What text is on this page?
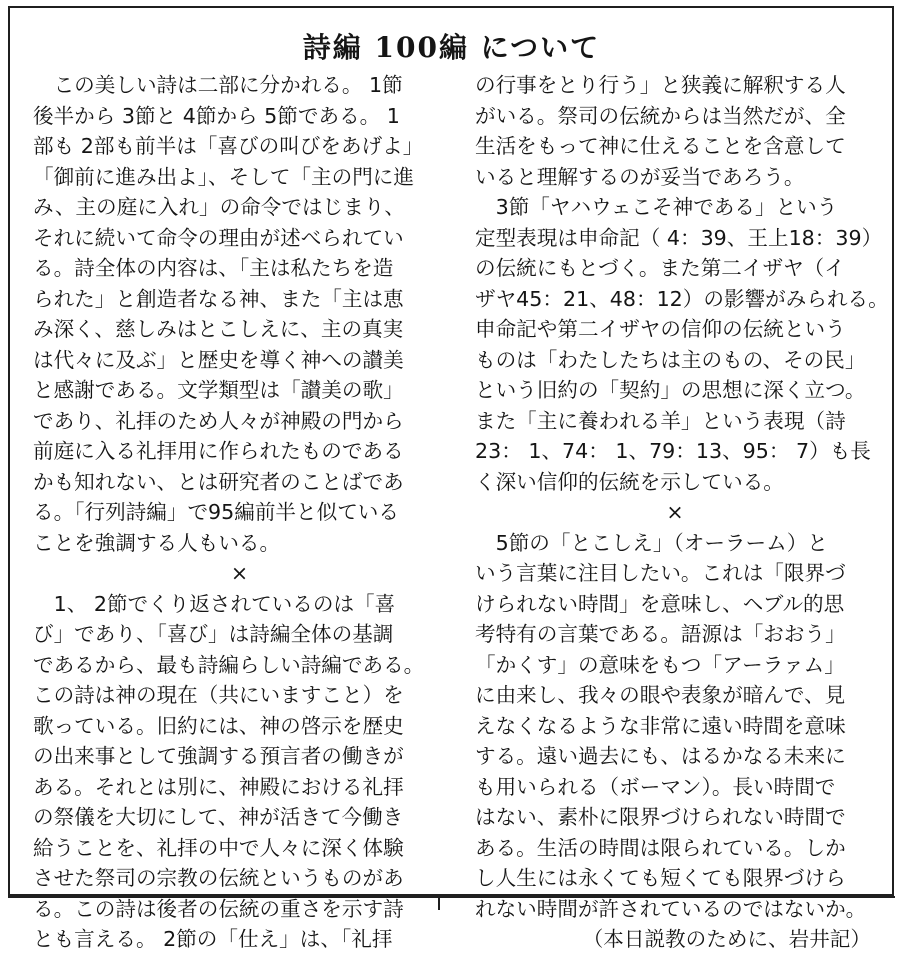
詩編 100編 について
　この美しい詩は二部に分かれる。 1節
後半から 3節と 4節から 5節である。 1
部も 2部も前半は「喜びの叫びをあげよ」
「御前に進み出よ」、そして「主の門に進
み、主の庭に入れ」の命令ではじまり、
それに続いて命令の理由が述べられてい
る。詩全体の内容は、「主は私たちを造
られた」と創造者なる神、また「主は恵
み深く、慈しみはとこしえに、主の真実
は代々に及ぶ」と歴史を導く神への讃美
と感謝である。文学類型は「讃美の歌」
であり、礼拝のため人々が神殿の門から
前庭に入る礼拝用に作られたものである
かも知れない、とは研究者のことばであ
る。「行列詩編」で95編前半と似ている
ことを強調する人もいる。
×
　1、 2節でくり返されているのは「喜
び」であり、「喜び」は詩編全体の基調
であるから、最も詩編らしい詩編である。
この詩は神の現在（共にいますこと）を
歌っている。旧約には、神の啓示を歴史
の出来事として強調する預言者の働きが
ある。それとは別に、神殿における礼拝
の祭儀を大切にして、神が活きて今働き
給うことを、礼拝の中で人々に深く体験
させた祭司の宗教の伝統というものがあ
る。この詩は後者の伝統の重さを示す詩
とも言える。 2節の「仕え」は、「礼拝
の行事をとり行う」と狭義に解釈する人
がいる。祭司の伝統からは当然だが、全
生活をもって神に仕えることを含意して
いると理解するのが妥当であろう。
　3節「ヤハウェこそ神である」という
定型表現は申命記（ 4：39、王上18：39）
の伝統にもとづく。また第二イザヤ（イ
ザヤ45：21、48：12）の影響がみられる。
申命記や第二イザヤの信仰の伝統という
ものは「わたしたちは主のもの、その民」
という旧約の「契約」の思想に深く立つ。
また「主に養われる羊」という表現（詩
23： 1、74： 1、79：13、95： 7）も長
く深い信仰的伝統を示している。
×
　5節の「とこしえ」（オーラーム）と
いう言葉に注目したい。これは「限界づ
けられない時間」を意味し、ヘブル的思
考特有の言葉である。語源は「おおう」
「かくす」の意味をもつ「アーラァム」
に由来し、我々の眼や表象が暗んで、見
えなくなるような非常に遠い時間を意味
する。遠い過去にも、はるかなる未来に
も用いられる（ボーマン）。長い時間で
はない、素朴に限界づけられない時間で
ある。生活の時間は限られている。しか
し人生には永くても短くても限界づけら
れない時間が許されているのではないか。
（本日説教のために、岩井記）
